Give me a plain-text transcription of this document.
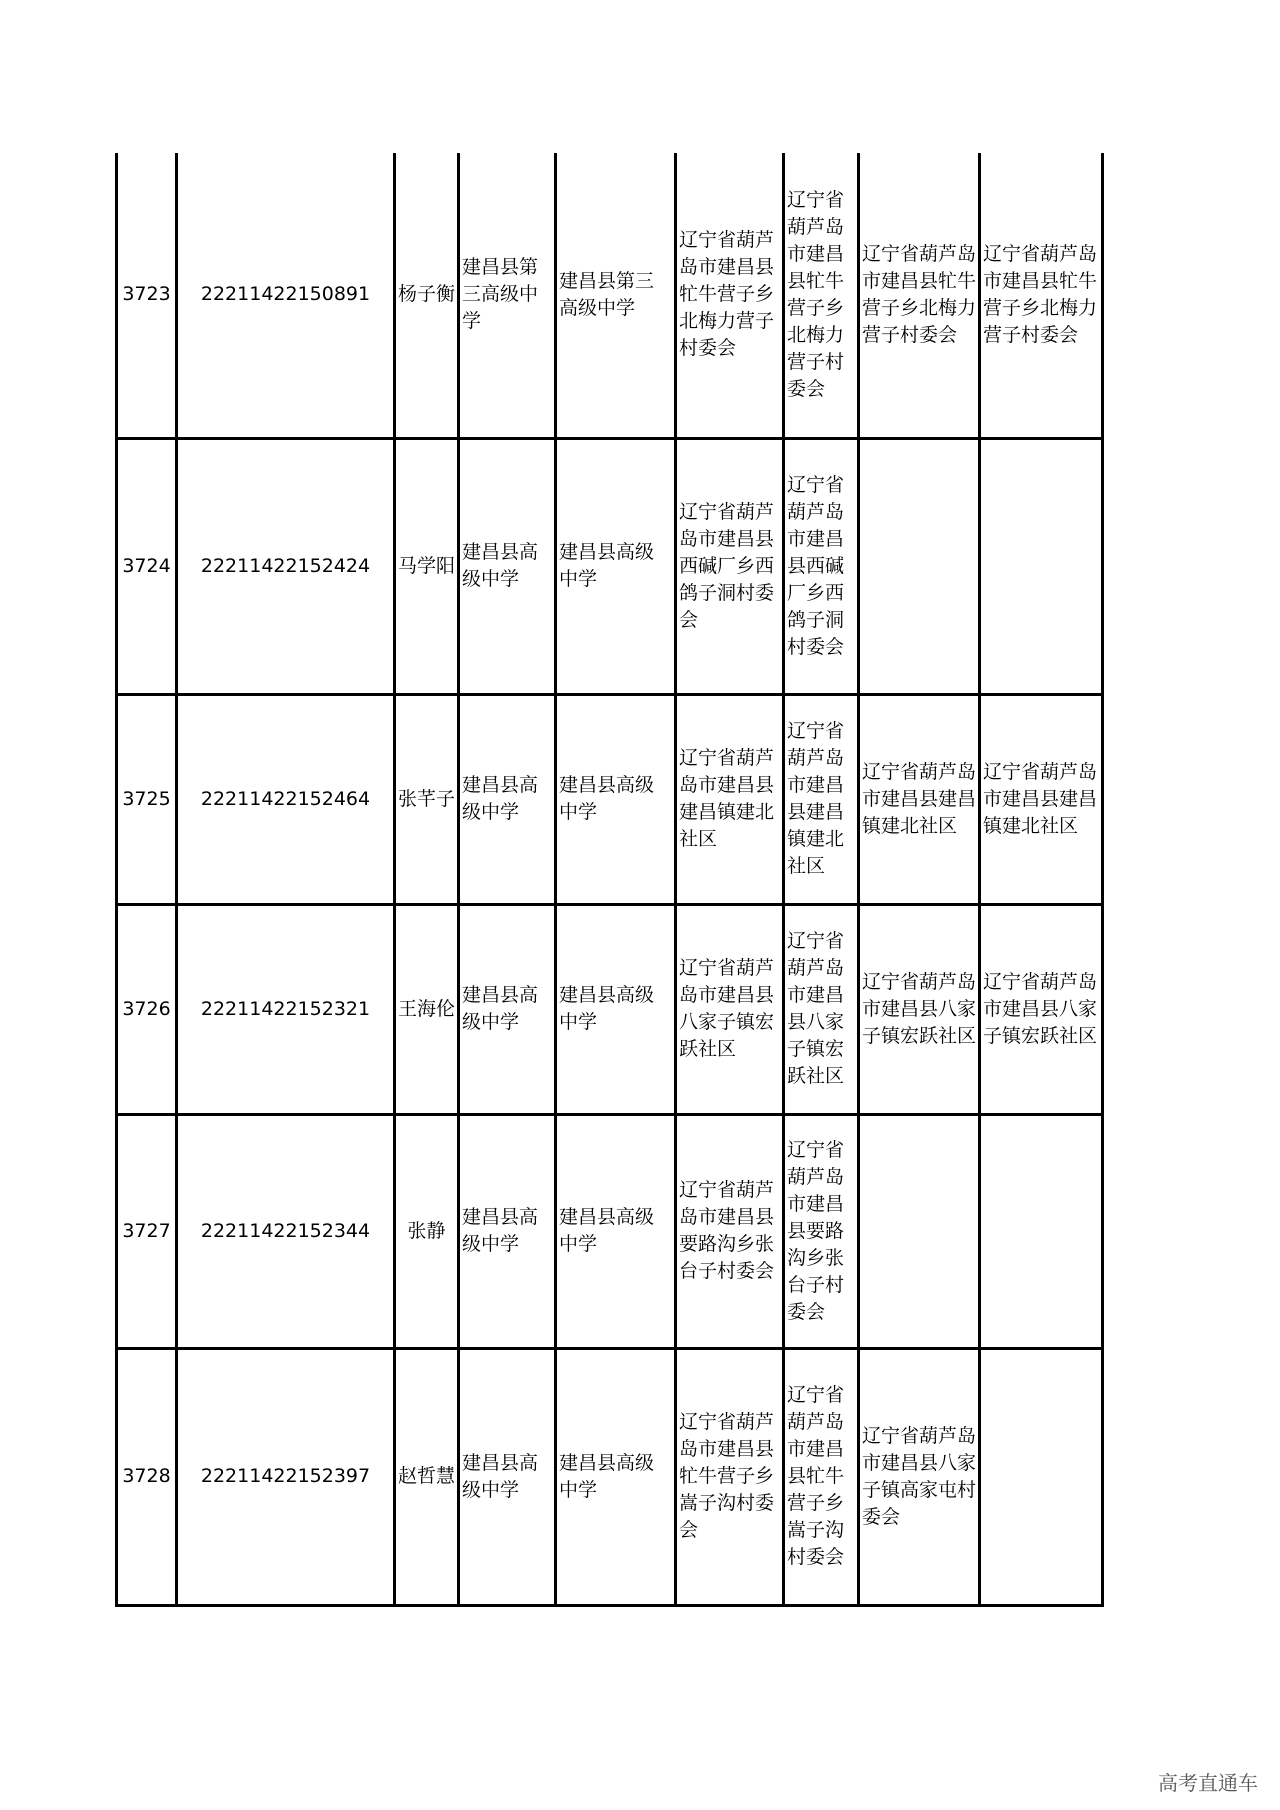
3723	22211422150891	杨子衡	建昌县第三高级中学	建昌县第三高级中学	辽宁省葫芦岛市建昌县牤牛营子乡北梅力营子村委会	辽宁省葫芦岛市建昌县牤牛营子乡北梅力营子村委会	辽宁省葫芦岛市建昌县牤牛营子乡北梅力营子村委会	辽宁省葫芦岛市建昌县牤牛营子乡北梅力营子村委会
3724	22211422152424	马学阳	建昌县高级中学	建昌县高级中学	辽宁省葫芦岛市建昌县西碱厂乡西鸽子洞村委会	辽宁省葫芦岛市建昌县西碱厂乡西鸽子洞村委会		
3725	22211422152464	张芊子	建昌县高级中学	建昌县高级中学	辽宁省葫芦岛市建昌县建昌镇建北社区	辽宁省葫芦岛市建昌县建昌镇建北社区	辽宁省葫芦岛市建昌县建昌镇建北社区	辽宁省葫芦岛市建昌县建昌镇建北社区
3726	22211422152321	王海伦	建昌县高级中学	建昌县高级中学	辽宁省葫芦岛市建昌县八家子镇宏跃社区	辽宁省葫芦岛市建昌县八家子镇宏跃社区	辽宁省葫芦岛市建昌县八家子镇宏跃社区	辽宁省葫芦岛市建昌县八家子镇宏跃社区
3727	22211422152344	张静	建昌县高级中学	建昌县高级中学	辽宁省葫芦岛市建昌县要路沟乡张台子村委会	辽宁省葫芦岛市建昌县要路沟乡张台子村委会		
3728	22211422152397	赵哲慧	建昌县高级中学	建昌县高级中学	辽宁省葫芦岛市建昌县牤牛营子乡嵩子沟村委会	辽宁省葫芦岛市建昌县牤牛营子乡嵩子沟村委会	辽宁省葫芦岛市建昌县八家子镇高家屯村委会	
高考直通车
